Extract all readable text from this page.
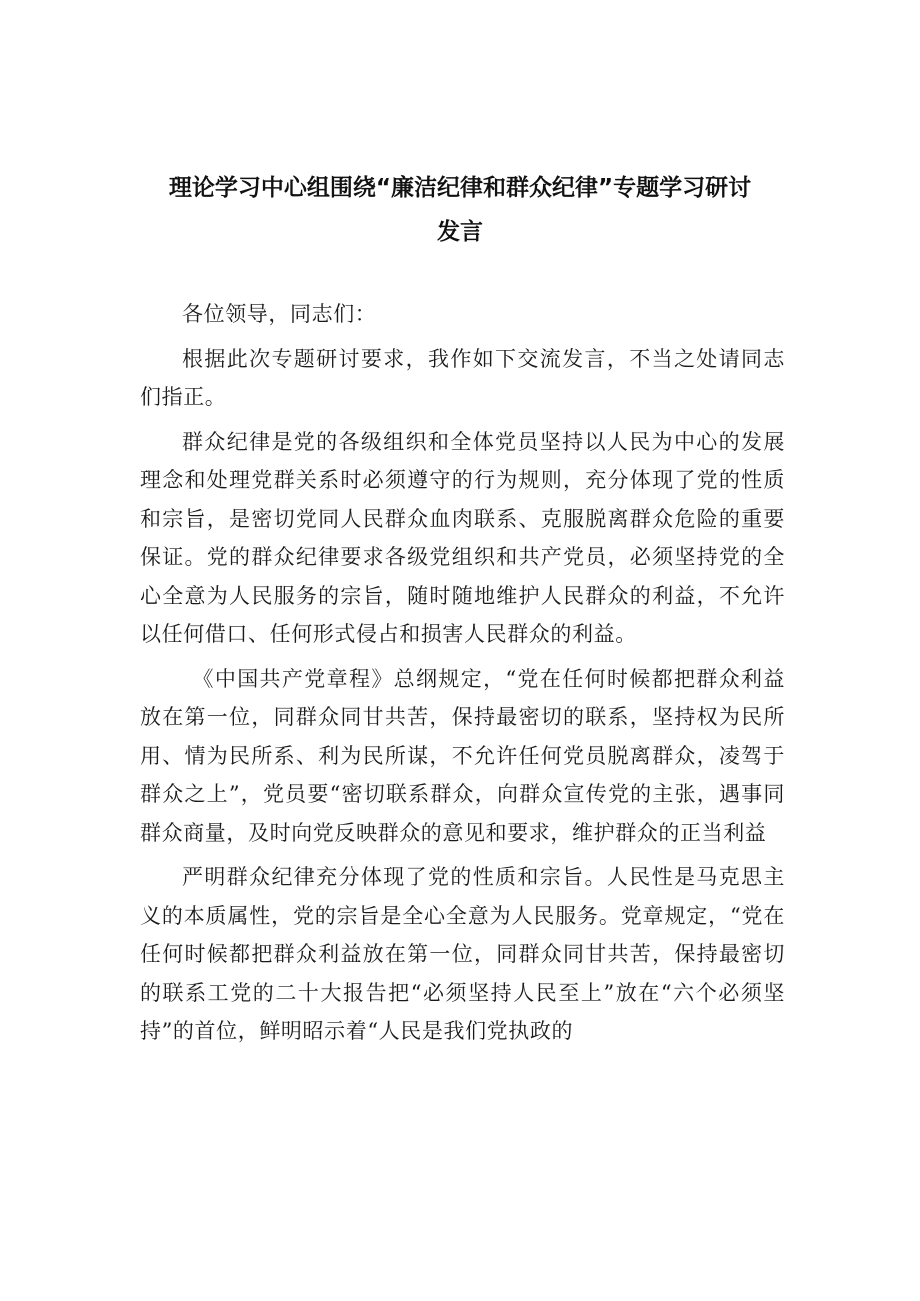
理论学习中心组围绕“廉洁纪律和群众纪律”专题学习研讨
发言

各位领导，同志们：

根据此次专题研讨要求，我作如下交流发言，不当之处请同志们指正。

群众纪律是党的各级组织和全体党员坚持以人民为中心的发展理念和处理党群关系时必须遵守的行为规则，充分体现了党的性质和宗旨，是密切党同人民群众血肉联系、克服脱离群众危险的重要保证。党的群众纪律要求各级党组织和共产党员，必须坚持党的全心全意为人民服务的宗旨，随时随地维护人民群众的利益，不允许以任何借口、任何形式侵占和损害人民群众的利益。

《中国共产党章程》总纲规定，“党在任何时候都把群众利益放在第一位，同群众同甘共苦，保持最密切的联系，坚持权为民所用、情为民所系、利为民所谋，不允许任何党员脱离群众，凌驾于群众之上”，党员要“密切联系群众，向群众宣传党的主张，遇事同群众商量，及时向党反映群众的意见和要求，维护群众的正当利益

严明群众纪律充分体现了党的性质和宗旨。人民性是马克思主义的本质属性，党的宗旨是全心全意为人民服务。党章规定，“党在任何时候都把群众利益放在第一位，同群众同甘共苦，保持最密切的联系工党的二十大报告把“必须坚持人民至上”放在“六个必须坚持”的首位，鲜明昭示着“人民是我们党执政的
